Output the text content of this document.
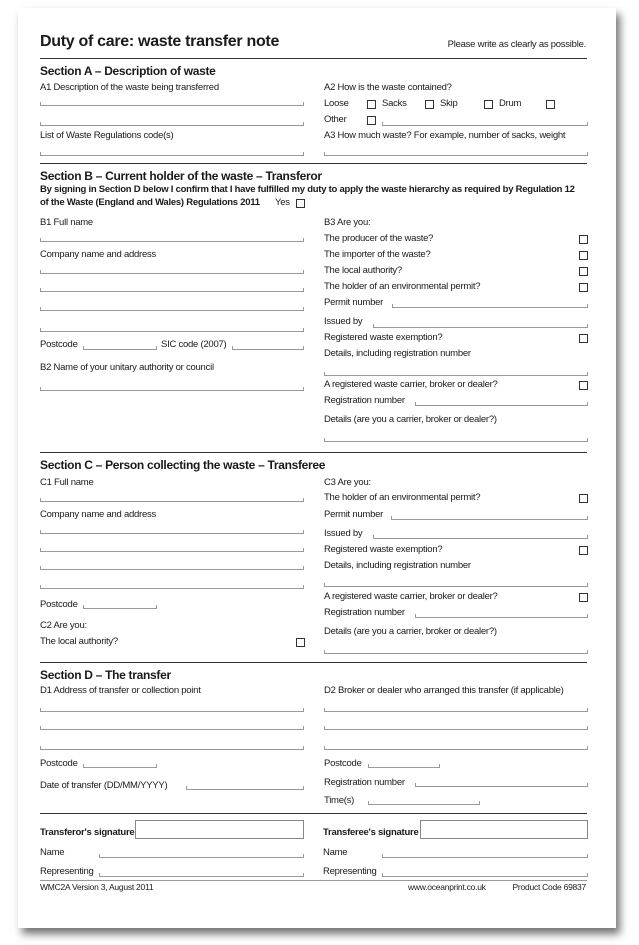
Duty of care: waste transfer note	Please write as clearly as possible.
Section A – Description of waste
A1 Description of the waste being transferred
List of Waste Regulations code(s)
A2 How is the waste contained?
Loose	Sacks	Skip	Drum
Other
A3 How much waste? For example, number of sacks, weight
Section B – Current holder of the waste – Transferor
By signing in Section D below I confirm that I have fulfilled my duty to apply the waste hierarchy as required by Regulation 12
of the Waste (England and Wales) Regulations 2011 Yes
B1 Full name
Company name and address
Postcode	SIC code (2007)
B2 Name of your unitary authority or council
B3 Are you:
The producer of the waste?
The importer of the waste?
The local authority?
The holder of an environmental permit?
Permit number
Issued by
Registered waste exemption?
Details, including registration number
A registered waste carrier, broker or dealer?
Registration number
Details (are you a carrier, broker or dealer?)
Section C – Person collecting the waste – Transferee
C1 Full name
Company name and address
Postcode
C2 Are you:
The local authority?
C3 Are you:
The holder of an environmental permit?
Permit number
Issued by
Registered waste exemption?
Details, including registration number
A registered waste carrier, broker or dealer?
Registration number
Details (are you a carrier, broker or dealer?)
Section D – The transfer
D1 Address of transfer or collection point
Postcode
Date of transfer (DD/MM/YYYY)
D2 Broker or dealer who arranged this transfer (if applicable)
Postcode
Registration number
Time(s)
Transferor's signature
Name
Representing
Transferee's signature
Name
Representing
WMC2A Version 3, August 2011	www.oceanprint.co.uk	Product Code 69837
